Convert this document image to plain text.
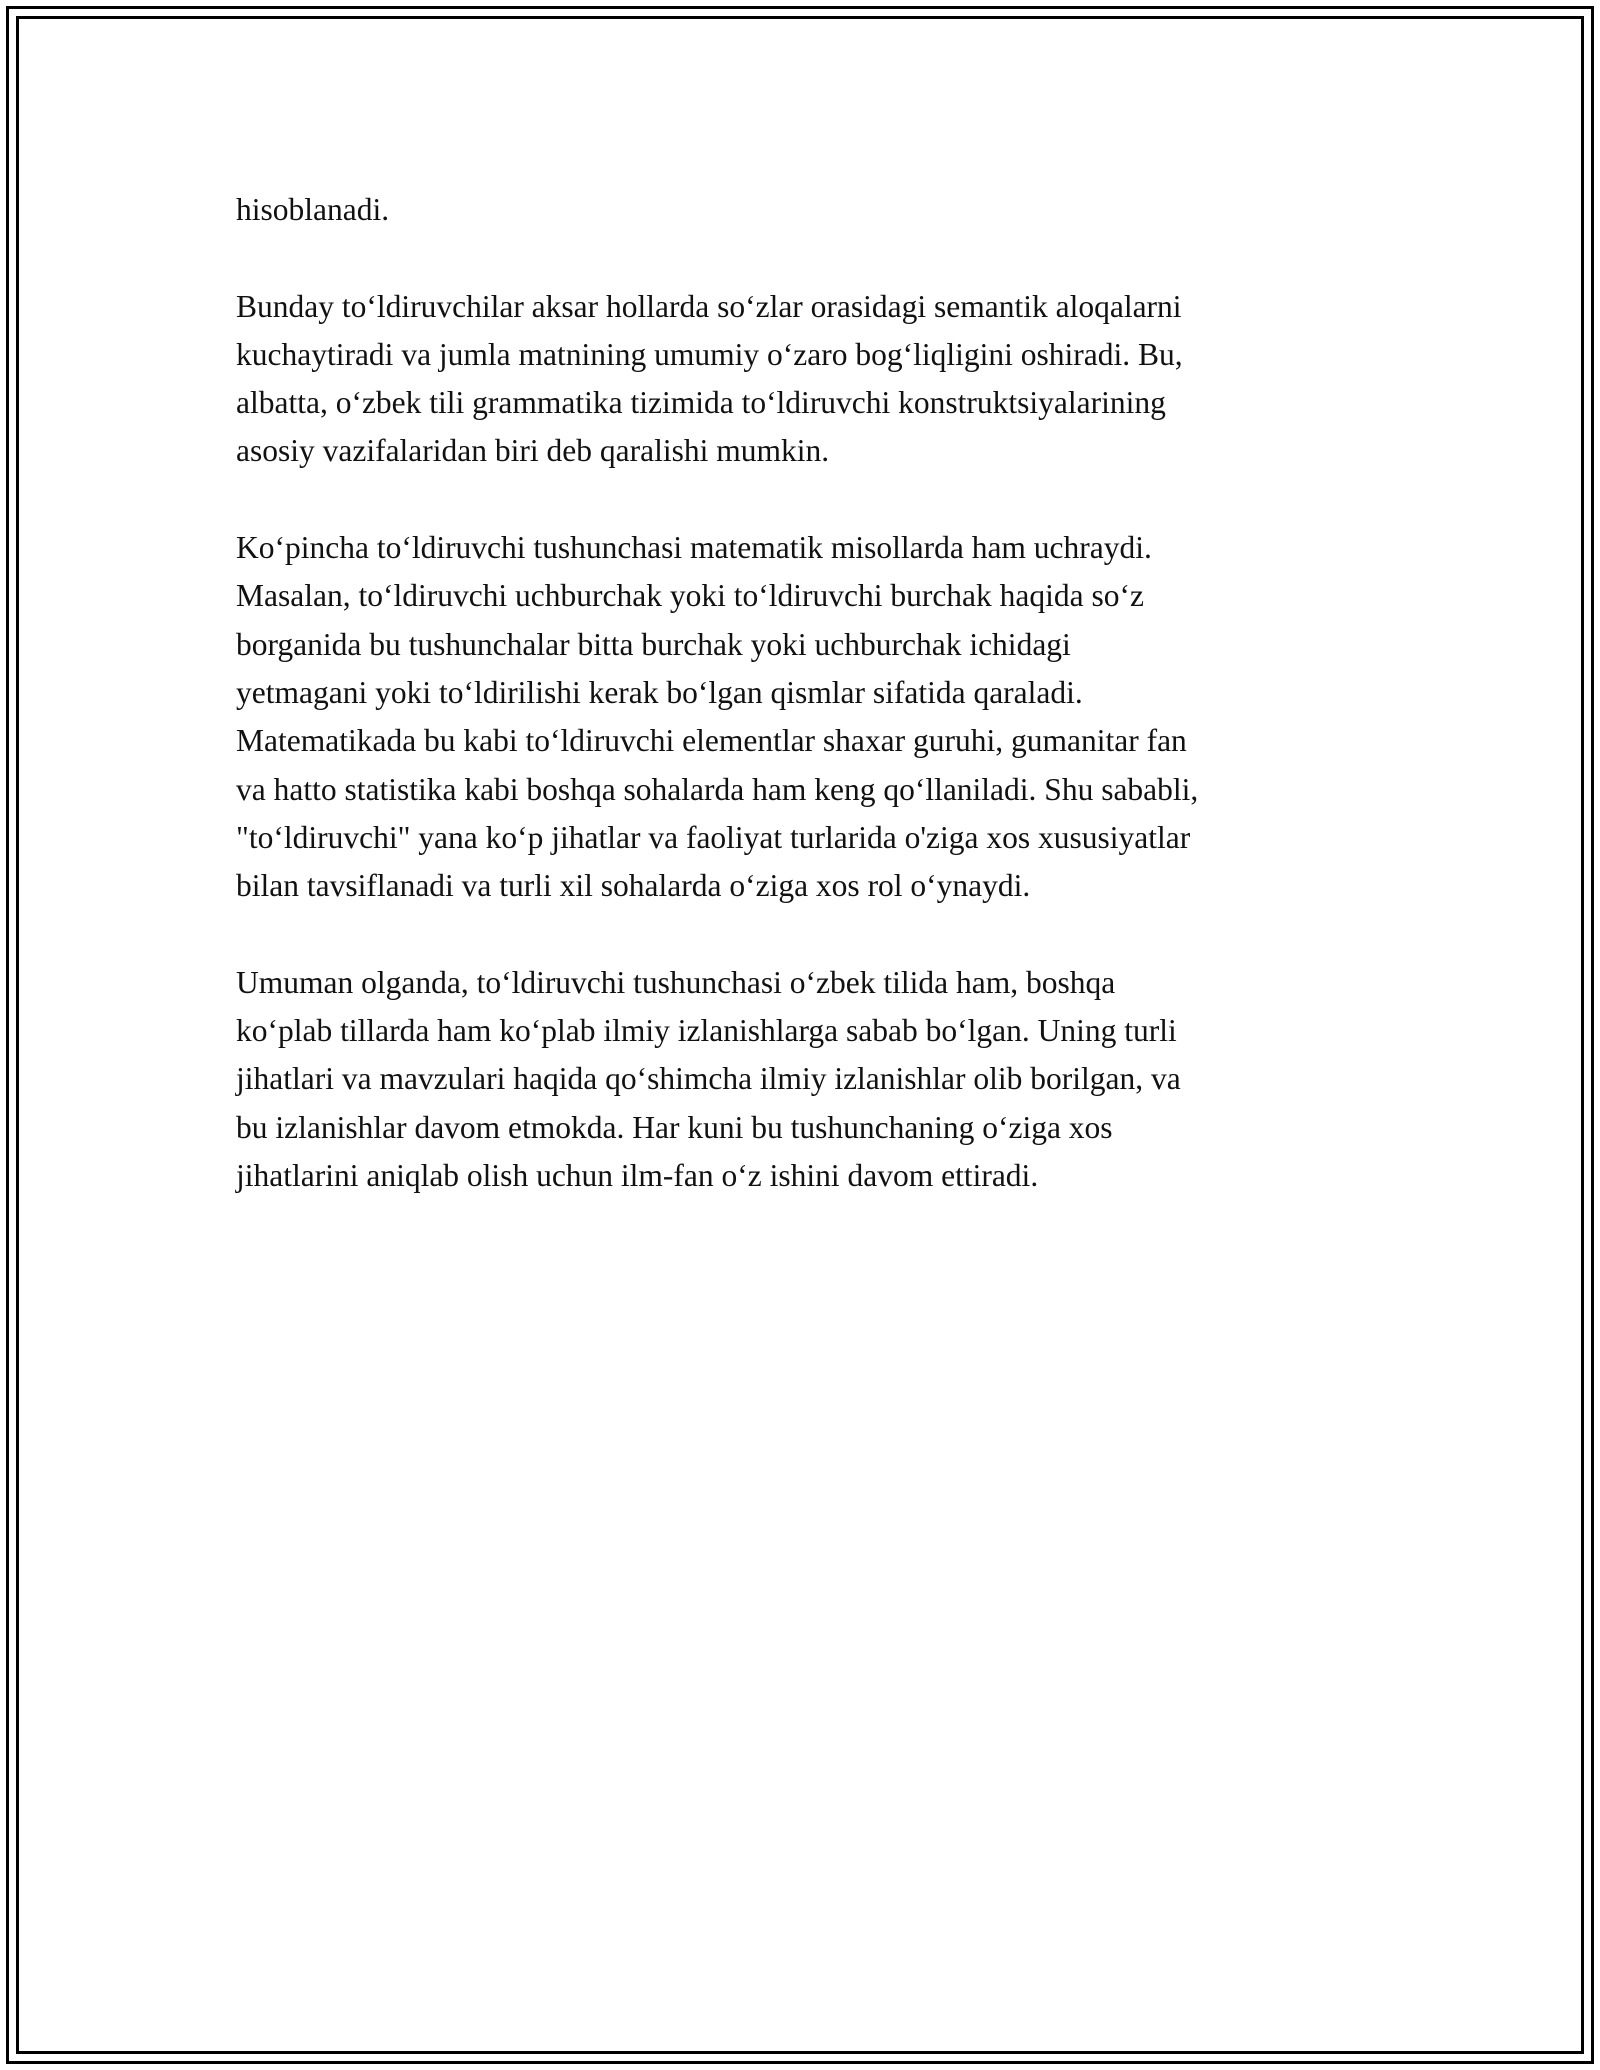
hisoblanadi.

Bunday to‘ldiruvchilar aksar hollarda so‘zlar orasidagi semantik aloqalarni
kuchaytiradi va jumla matnining umumiy o‘zaro bog‘liqligini oshiradi. Bu,
albatta, o‘zbek tili grammatika tizimida to‘ldiruvchi konstruktsiyalarining
asosiy vazifalaridan biri deb qaralishi mumkin.

Ko‘pincha to‘ldiruvchi tushunchasi matematik misollarda ham uchraydi.
Masalan, to‘ldiruvchi uchburchak yoki to‘ldiruvchi burchak haqida so‘z
borganida bu tushunchalar bitta burchak yoki uchburchak ichidagi
yetmagani yoki to‘ldirilishi kerak bo‘lgan qismlar sifatida qaraladi.
Matematikada bu kabi to‘ldiruvchi elementlar shaxar guruhi, gumanitar fan
va hatto statistika kabi boshqa sohalarda ham keng qo‘llaniladi. Shu sababli,
"to‘ldiruvchi" yana ko‘p jihatlar va faoliyat turlarida o'ziga xos xususiyatlar
bilan tavsiflanadi va turli xil sohalarda o‘ziga xos rol o‘ynaydi.

Umuman olganda, to‘ldiruvchi tushunchasi o‘zbek tilida ham, boshqa
ko‘plab tillarda ham ko‘plab ilmiy izlanishlarga sabab bo‘lgan. Uning turli
jihatlari va mavzulari haqida qo‘shimcha ilmiy izlanishlar olib borilgan, va
bu izlanishlar davom etmokda. Har kuni bu tushunchaning o‘ziga xos
jihatlarini aniqlab olish uchun ilm-fan o‘z ishini davom ettiradi.
